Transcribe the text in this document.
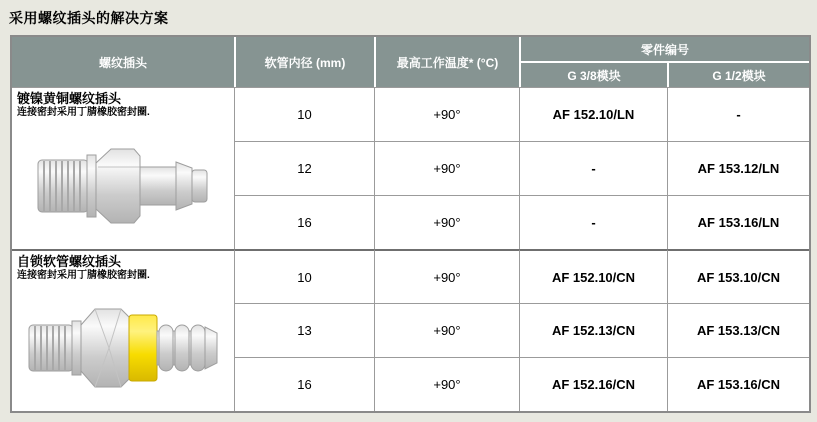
采用螺纹插头的解决方案
螺纹插头	软管内径 (mm)	最高工作温度* (°C)
零件编号
G 3/8模块	G 1/2模块
镀镍黄铜螺纹插头
连接密封采用丁腈橡胶密封圈.	10	+90°	AF 152.10/LN	-
12	+90°	-	AF 153.12/LN
16	+90°	-	AF 153.16/LN
自锁软管螺纹插头
连接密封采用丁腈橡胶密封圈.	10	+90°	AF 152.10/CN	AF 153.10/CN
13	+90°	AF 152.13/CN	AF 153.13/CN
16	+90°	AF 152.16/CN	AF 153.16/CN
